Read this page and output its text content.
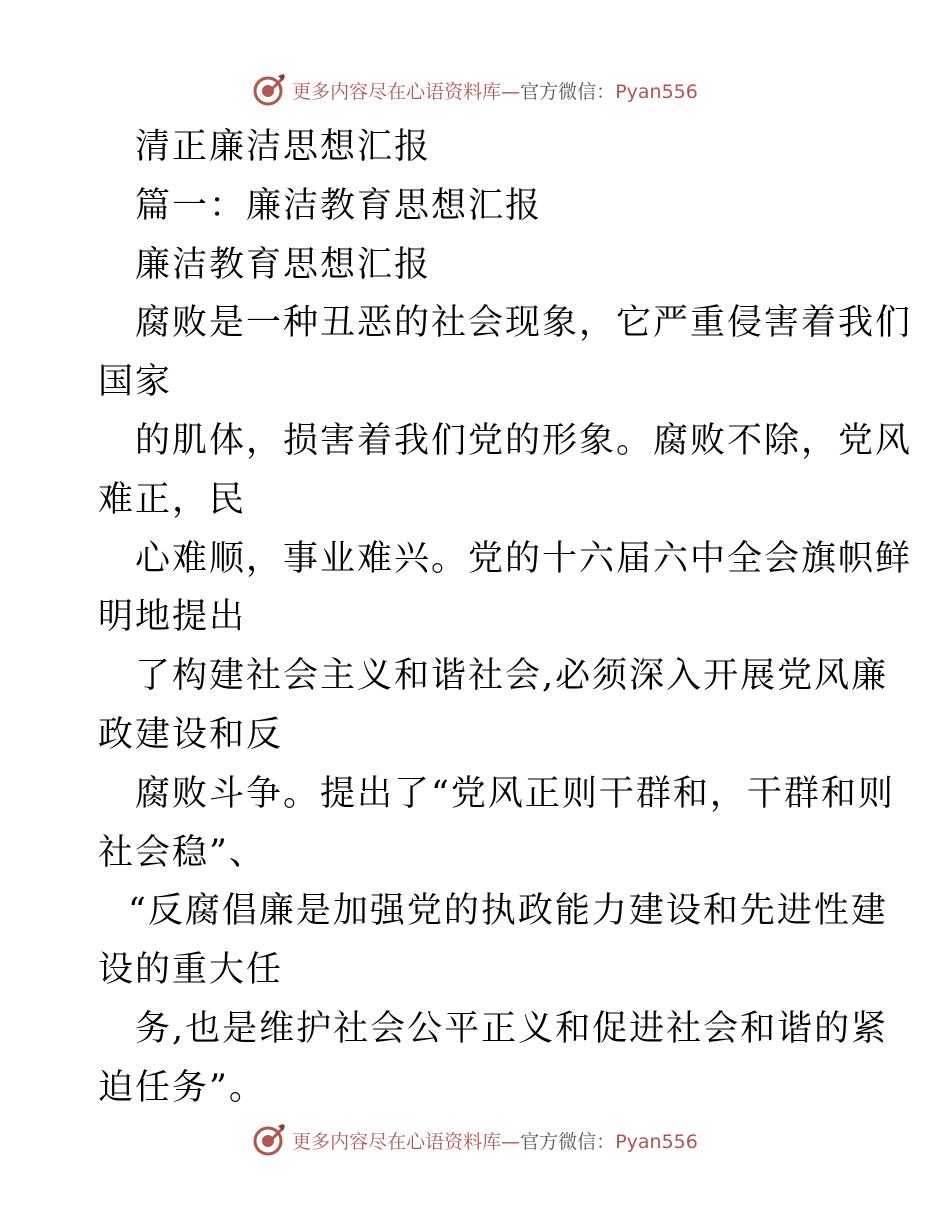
更多内容尽在心语资料库—官方微信：Pyan556
清正廉洁思想汇报
篇一：廉洁教育思想汇报
廉洁教育思想汇报
腐败是一种丑恶的社会现象，它严重侵害着我们
国家
的肌体，损害着我们党的形象。腐败不除，党风
难正，民
心难顺，事业难兴。党的十六届六中全会旗帜鲜
明地提出
了构建社会主义和谐社会,必须深入开展党风廉
政建设和反
腐败斗争。提出了“党风正则干群和，干群和则
社会稳”、
“反腐倡廉是加强党的执政能力建设和先进性建
设的重大任
务,也是维护社会公平正义和促进社会和谐的紧
迫任务”。
更多内容尽在心语资料库—官方微信：Pyan556
